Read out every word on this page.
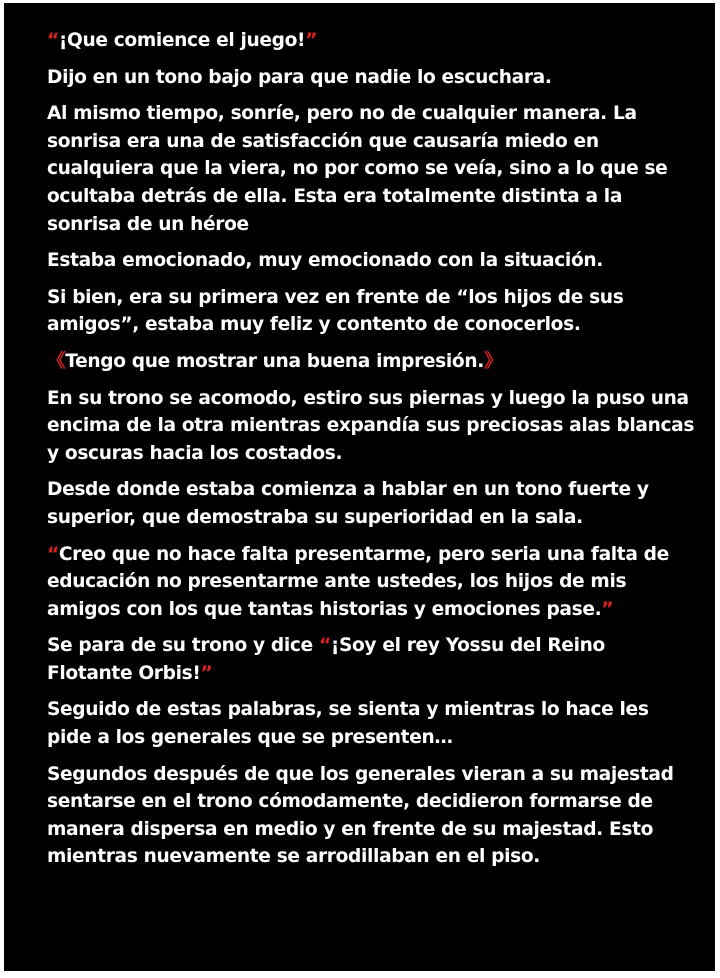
“¡Que comience el juego!”

Dijo en un tono bajo para que nadie lo escuchara.

Al mismo tiempo, sonríe, pero no de cualquier manera. La sonrisa era una de satisfacción que causaría miedo en cualquiera que la viera, no por como se veía, sino a lo que se ocultaba detrás de ella. Esta era totalmente distinta a la sonrisa de un héroe

Estaba emocionado, muy emocionado con la situación.

Si bien, era su primera vez en frente de “los hijos de sus amigos”, estaba muy feliz y contento de conocerlos.

《Tengo que mostrar una buena impresión.》

En su trono se acomodo, estiro sus piernas y luego la puso una encima de la otra mientras expandía sus preciosas alas blancas y oscuras hacia los costados.

Desde donde estaba comienza a hablar en un tono fuerte y superior, que demostraba su superioridad en la sala.

“Creo que no hace falta presentarme, pero seria una falta de educación no presentarme ante ustedes, los hijos de mis amigos con los que tantas historias y emociones pase.”

Se para de su trono y dice “¡Soy el rey Yossu del Reino Flotante Orbis!”

Seguido de estas palabras, se sienta y mientras lo hace les pide a los generales que se presenten…

Segundos después de que los generales vieran a su majestad sentarse en el trono cómodamente, decidieron formarse de manera dispersa en medio y en frente de su majestad. Esto mientras nuevamente se arrodillaban en el piso.
